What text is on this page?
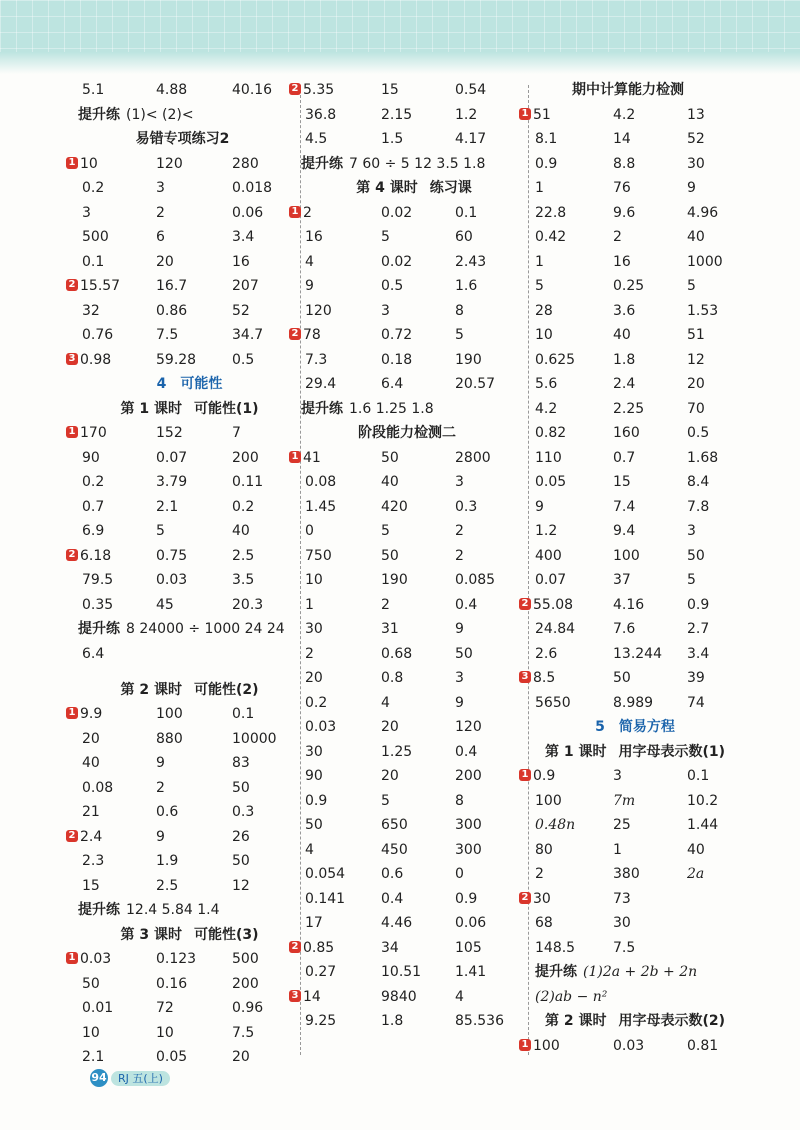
5.1	4.88	40.16
提升练 (1)< (2)<
易错专项练习2
1 10	120	280
0.2	3	0.018
3	2	0.06
500	6	3.4
0.1	20	16
2 15.57	16.7	207
32	0.86	52
0.76	7.5	34.7
3 0.98	59.28	0.5
4 可能性
第 1 课时 可能性(1)
1 170	152	7
90	0.07	200
0.2	3.79	0.11
0.7	2.1	0.2
6.9	5	40
2 6.18	0.75	2.5
79.5	0.03	3.5
0.35	45	20.3
提升练 8 24000 ÷ 1000 24 24
6.4
第 2 课时 可能性(2)
1 9.9	100	0.1
20	880	10000
40	9	83
0.08	2	50
21	0.6	0.3
2 2.4	9	26
2.3	1.9	50
15	2.5	12
提升练 12.4 5.84 1.4
第 3 课时 可能性(3)
1 0.03	0.123	500
50	0.16	200
0.01	72	0.96
10	10	7.5
2.1	0.05	20
2 5.35	15	0.54
36.8	2.15	1.2
4.5	1.5	4.17
提升练 7 60 ÷ 5 12 3.5 1.8
第 4 课时 练习课
1 2	0.02	0.1
16	5	60
4	0.02	2.43
9	0.5	1.6
120	3	8
2 78	0.72	5
7.3	0.18	190
29.4	6.4	20.57
提升练 1.6 1.25 1.8
阶段能力检测二
1 41	50	2800
0.08	40	3
1.45	420	0.3
0	5	2
750	50	2
10	190	0.085
1	2	0.4
30	31	9
2	0.68	50
20	0.8	3
0.2	4	9
0.03	20	120
30	1.25	0.4
90	20	200
0.9	5	8
50	650	300
4	450	300
0.054	0.6	0
0.141	0.4	0.9
17	4.46	0.06
2 0.85	34	105
0.27	10.51 1.41
3 14	9840	4
9.25	1.8	85.536
期中计算能力检测
1 51	4.2	13
8.1	14	52
0.9	8.8	30
1	76	9
22.8	9.6	4.96
0.42	2	40
1	16	1000
5	0.25	5
28	3.6	1.53
10	40	51
0.625	1.8	12
5.6	2.4	20
4.2	2.25	70
0.82	160	0.5
110	0.7	1.68
0.05	15	8.4
9	7.4	7.8
1.2	9.4	3
400	100	50
0.07	37	5
2 55.08	4.16	0.9
24.84	7.6	2.7
2.6	13.244 3.4
3 8.5	50	39
5650	8.989 74
5 简易方程
第 1 课时 用字母表示数(1)
1 0.9	3	0.1
100	7m	10.2
0.48n	25	1.44
80	1	40
2	380	2a
2 30	73
68	30
148.5	7.5
提升练 (1)2a + 2b + 2n
(2)ab − n²
第 2 课时 用字母表示数(2)
1 100	0.03	0.81
94	RJ 五(上)
